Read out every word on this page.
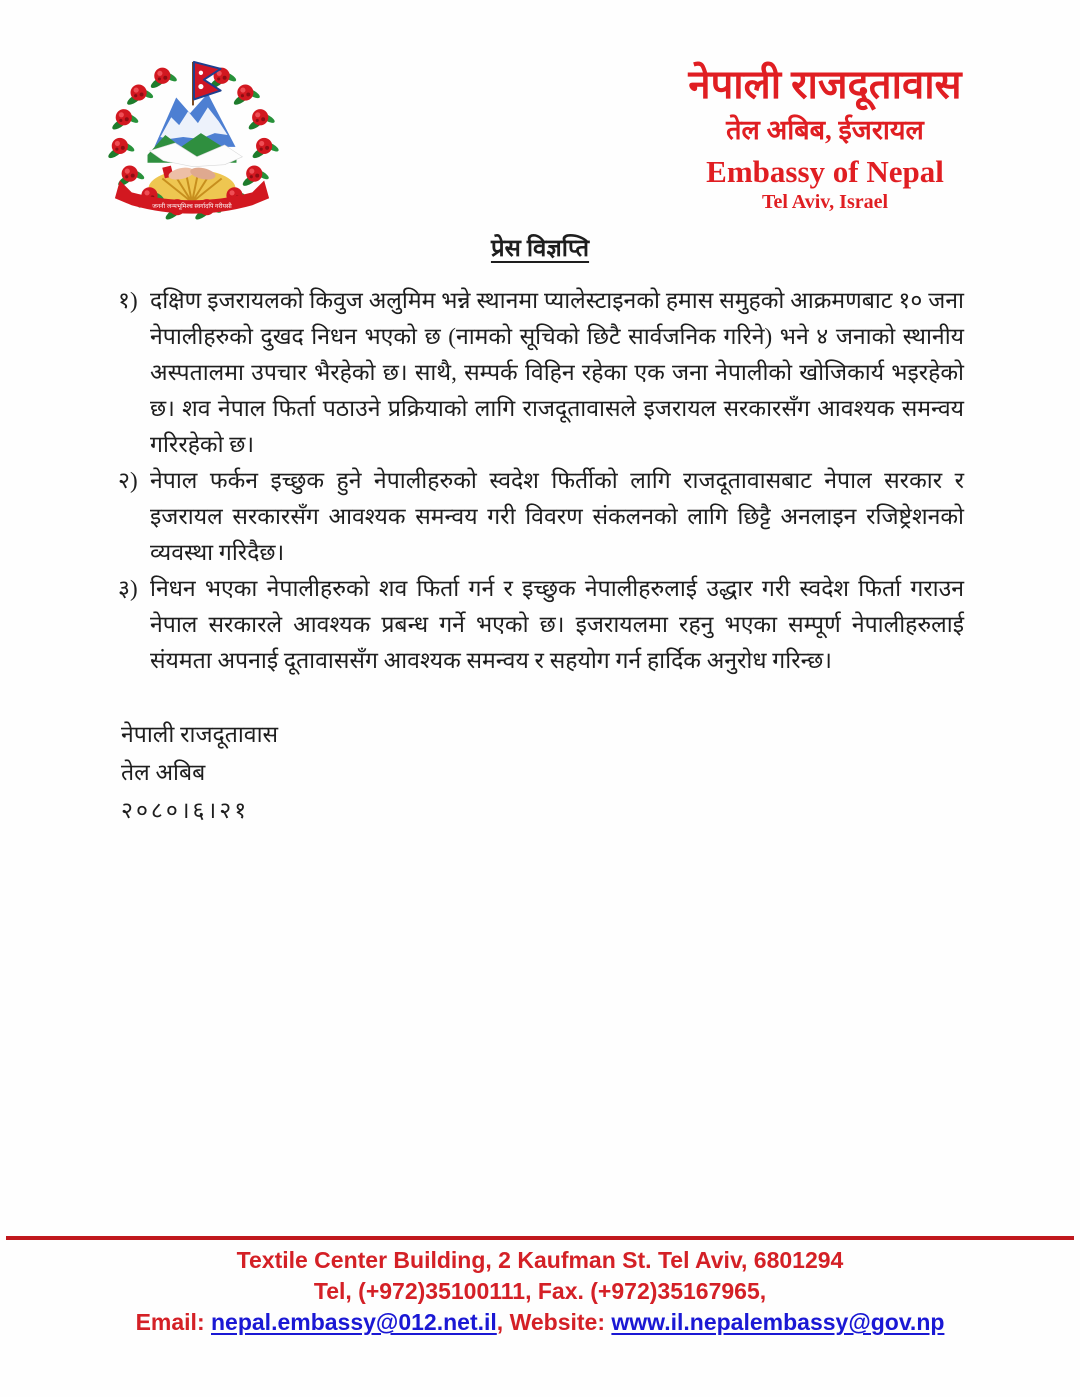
जननी जन्मभूमिश्च स्वर्गादपि गरीयसी
नेपाली राजदूतावास
तेल अबिब, ईजरायल
Embassy of Nepal
Tel Aviv, Israel
प्रेस विज्ञप्ति
१) दक्षिण इजरायलको किवुज अलुमिम भन्ने स्थानमा प्यालेस्टाइनको हमास समुहको आक्रमणबाट १० जना नेपालीहरुको दुखद निधन भएको छ (नामको सूचिको छिटै सार्वजनिक गरिने) भने ४ जनाको स्थानीय अस्पतालमा उपचार भैरहेको छ। साथै, सम्पर्क विहिन रहेका एक जना नेपालीको खोजिकार्य भइरहेको छ। शव नेपाल फिर्ता पठाउने प्रक्रियाको लागि राजदूतावासले इजरायल सरकारसँग आवश्यक समन्वय गरिरहेको छ।
२) नेपाल फर्कन इच्छुक हुने नेपालीहरुको स्वदेश फिर्तीको लागि राजदूतावासबाट नेपाल सरकार र इजरायल सरकारसँग आवश्यक समन्वय गरी विवरण संकलनको लागि छिट्टै अनलाइन रजिष्ट्रेशनको व्यवस्था गरिदैछ।
३) निधन भएका नेपालीहरुको शव फिर्ता गर्न र इच्छुक नेपालीहरुलाई उद्धार गरी स्वदेश फिर्ता गराउन नेपाल सरकारले आवश्यक प्रबन्ध गर्ने भएको छ। इजरायलमा रहनु भएका सम्पूर्ण नेपालीहरुलाई संयमता अपनाई दूतावाससँग आवश्यक समन्वय र सहयोग गर्न हार्दिक अनुरोध गरिन्छ।
नेपाली राजदूतावास
तेल अबिब
२०८०।६।२१
Textile Center Building, 2 Kaufman St. Tel Aviv, 6801294
Tel, (+972)35100111, Fax. (+972)35167965,
Email: nepal.embassy@012.net.il, Website: www.il.nepalembassy@gov.np
